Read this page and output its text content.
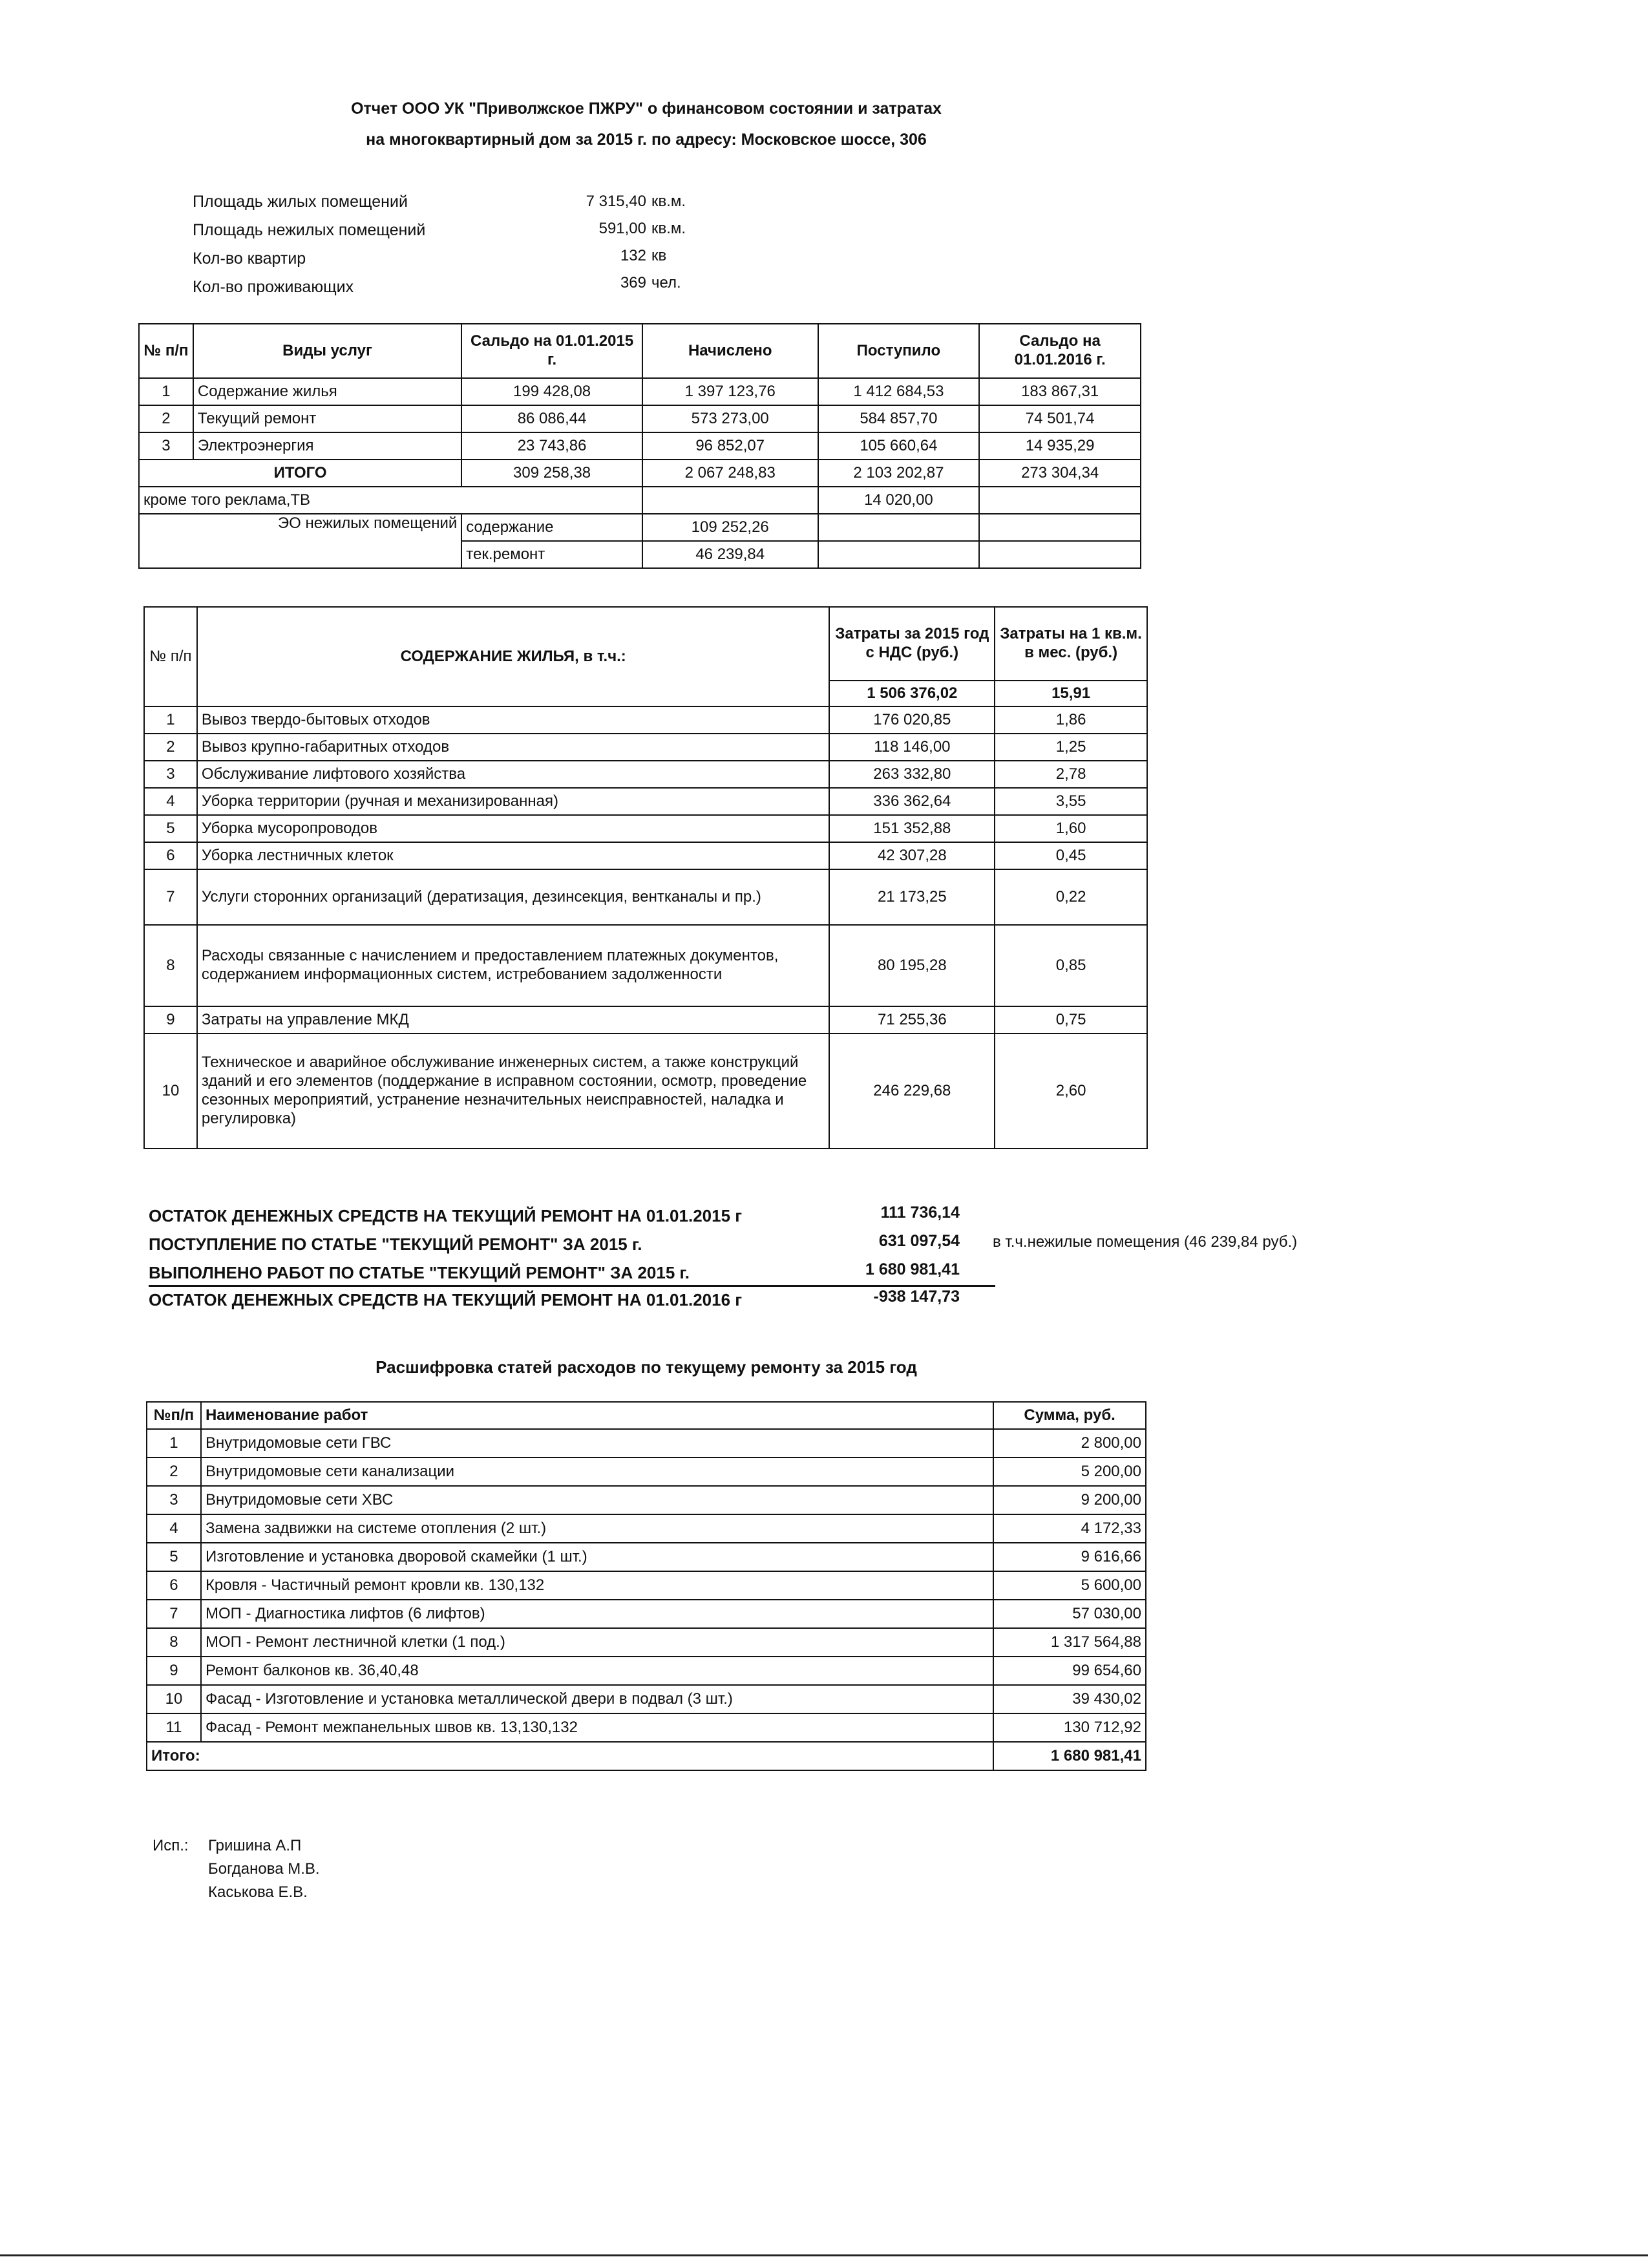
Отчет ООО УК "Приволжское ПЖРУ" о финансовом состоянии и затратах
на многоквартирный дом за 2015 г. по адресу: Московское шоссе, 306
Площадь жилых помещений	7 315,40 кв.м.
Площадь нежилых помещений	591,00 кв.м.
Кол-во квартир	132 кв
Кол-во проживающих	369 чел.
№ п/п	Виды услуг	Сальдо на 01.01.2015 г.	Начислено	Поступило	Сальдо на 01.01.2016 г.
1	Содержание жилья	199 428,08	1 397 123,76	1 412 684,53	183 867,31
2	Текущий ремонт	86 086,44	573 273,00	584 857,70	74 501,74
3	Электроэнергия	23 743,86	96 852,07	105 660,64	14 935,29
ИТОГО		309 258,38	2 067 248,83	2 103 202,87	273 304,34
кроме того реклама,ТВ				14 020,00	
ЭО нежилых помещений		содержание	109 252,26		
		тек.ремонт	46 239,84		
№ п/п	СОДЕРЖАНИЕ ЖИЛЬЯ, в т.ч.:	Затраты за 2015 год с НДС (руб.)	Затраты на 1 кв.м. в мес. (руб.)
		1 506 376,02	15,91
1	Вывоз твердо-бытовых отходов	176 020,85	1,86
2	Вывоз крупно-габаритных отходов	118 146,00	1,25
3	Обслуживание лифтового хозяйства	263 332,80	2,78
4	Уборка территории (ручная и механизированная)	336 362,64	3,55
5	Уборка мусоропроводов	151 352,88	1,60
6	Уборка лестничных клеток	42 307,28	0,45
7	Услуги сторонних организаций (дератизация, дезинсекция, вентканалы и пр.)	21 173,25	0,22
8	Расходы связанные с начислением и предоставлением платежных документов, содержанием информационных систем, истребованием задолженности	80 195,28	0,85
9	Затраты на управление МКД	71 255,36	0,75
10	Техническое и аварийное обслуживание инженерных систем, а также конструкций зданий и его элементов (поддержание в исправном состоянии, осмотр, проведение сезонных мероприятий, устранение незначительных неисправностей, наладка и регулировка)	246 229,68	2,60
ОСТАТОК ДЕНЕЖНЫХ СРЕДСТВ НА ТЕКУЩИЙ РЕМОНТ НА 01.01.2015 г	111 736,14
ПОСТУПЛЕНИЕ ПО СТАТЬЕ "ТЕКУЩИЙ РЕМОНТ" ЗА 2015 г.	631 097,54 в т.ч.нежилые помещения (46 239,84 руб.)
ВЫПОЛНЕНО РАБОТ ПО СТАТЬЕ "ТЕКУЩИЙ РЕМОНТ" ЗА 2015 г.	1 680 981,41
ОСТАТОК ДЕНЕЖНЫХ СРЕДСТВ НА ТЕКУЩИЙ РЕМОНТ НА 01.01.2016 г	-938 147,73
Расшифровка статей расходов по текущему ремонту за 2015 год
№п/п	Наименование работ	Сумма, руб.
1	Внутридомовые сети ГВС	2 800,00
2	Внутридомовые сети канализации	5 200,00
3	Внутридомовые сети ХВС	9 200,00
4	Замена задвижки на системе отопления (2 шт.)	4 172,33
5	Изготовление и установка дворовой скамейки (1 шт.)	9 616,66
6	Кровля - Частичный ремонт кровли кв. 130,132	5 600,00
7	МОП - Диагностика лифтов (6 лифтов)	57 030,00
8	МОП - Ремонт лестничной клетки (1 под.)	1 317 564,88
9	Ремонт балконов кв. 36,40,48	99 654,60
10	Фасад - Изготовление и установка металлической двери в подвал (3 шт.)	39 430,02
11	Фасад - Ремонт межпанельных швов кв. 13,130,132	130 712,92
Итого:		1 680 981,41
Исп.: Гришина А.П
Богданова М.В.
Каськова Е.В.
